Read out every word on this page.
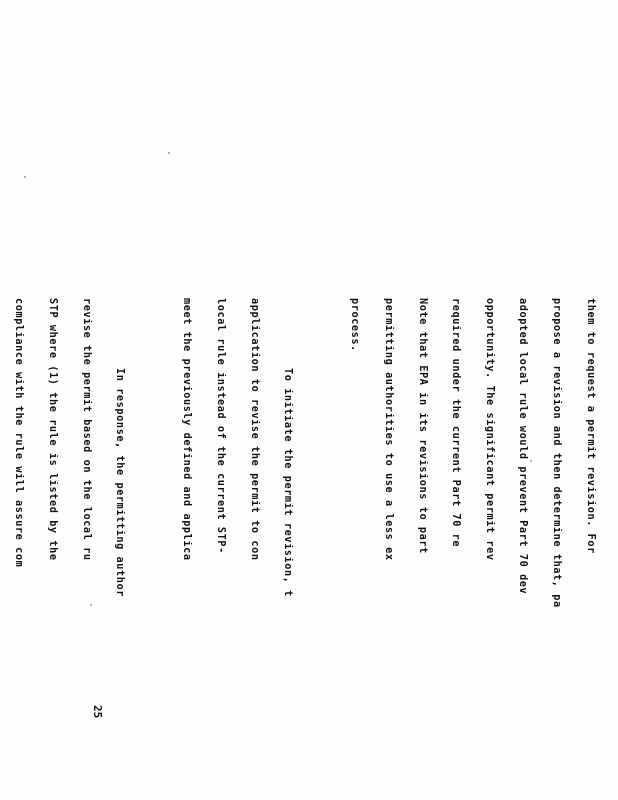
them to request a permit revision. For

propose a revision and then determine that, pa

adopted local rule would prevent Part 70 dev

opportunity. The significant permit rev

required under the current Part 70 re

Note that EPA in its revisions to part

permitting authorities to use a less ex

process.

To initiate the permit revision, t

application to revise the permit to con

local rule instead of the current STP-

meet the previously defined and applica

In response, the permitting author

revise the permit based on the local ru

STP where (1) the rule is listed by the

compliance with the rule will assure com

25
